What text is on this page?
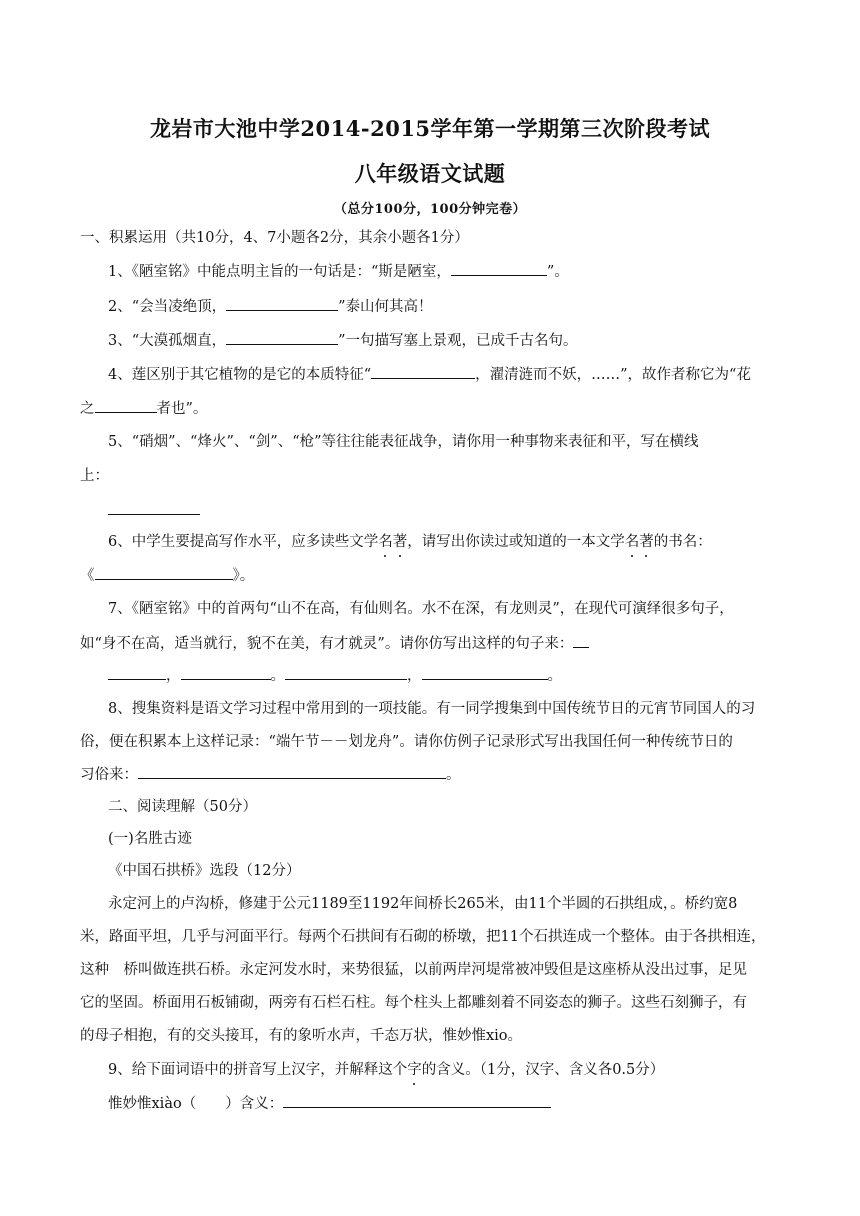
龙岩市大池中学2014-2015学年第一学期第三次阶段考试
八年级语文试题
（总分100分，100分钟完卷）
一、积累运用（共10分，4、7小题各2分，其余小题各1分）
1、《陋室铭》中能点明主旨的一句话是：“斯是陋室，	”。
2、“会当凌绝顶，	”泰山何其高！
3、“大漠孤烟直，	”一句描写塞上景观，已成千古名句。
4、莲区别于其它植物的是它的本质特征“	，濯清涟而不妖，……”，故作者称它为“花
之	者也”。
5、“硝烟”、“烽火”、“剑”、“枪”等往往能表征战争，请你用一种事物来表征和平，写在横线
上：
6、中学生要提高写作水平，应多读些文学名著，请写出你读过或知道的一本文学名著的书名：
《	》。
7、《陋室铭》中的首两句“山不在高，有仙则名。水不在深，有龙则灵”，在现代可演绎很多句子，
如“身不在高，适当就行，貌不在美，有才就灵”。请你仿写出这样的句子来：
，	。	，	。
8、搜集资料是语文学习过程中常用到的一项技能。有一同学搜集到中国传统节日的元宵节同国人的习
俗，便在积累本上这样记录：“端午节－－划龙舟”。请你仿例子记录形式写出我国任何一种传统节日的
习俗来：	。
二、阅读理解（50分）
(一)名胜古迹
《中国石拱桥》选段（12分）
永定河上的卢沟桥，修建于公元1189至1192年间桥长265米，由11个半圆的石拱组成，。桥约宽8
米，路面平坦，几乎与河面平行。每两个石拱间有石砌的桥墩，把11个石拱连成一个整体。由于各拱相连，
这种　桥叫做连拱石桥。永定河发水时，来势很猛，以前两岸河堤常被冲毁但是这座桥从没出过事，足见
它的坚固。桥面用石板铺砌，两旁有石栏石柱。每个柱头上都雕刻着不同姿态的狮子。这些石刻狮子，有
的母子相抱，有的交头接耳，有的象听水声，千态万状，惟妙惟xio。
9、给下面词语中的拼音写上汉字，并解释这个字的含义。（1分，汉字、含义各0.5分）
惟妙惟xiào（　　）含义：
